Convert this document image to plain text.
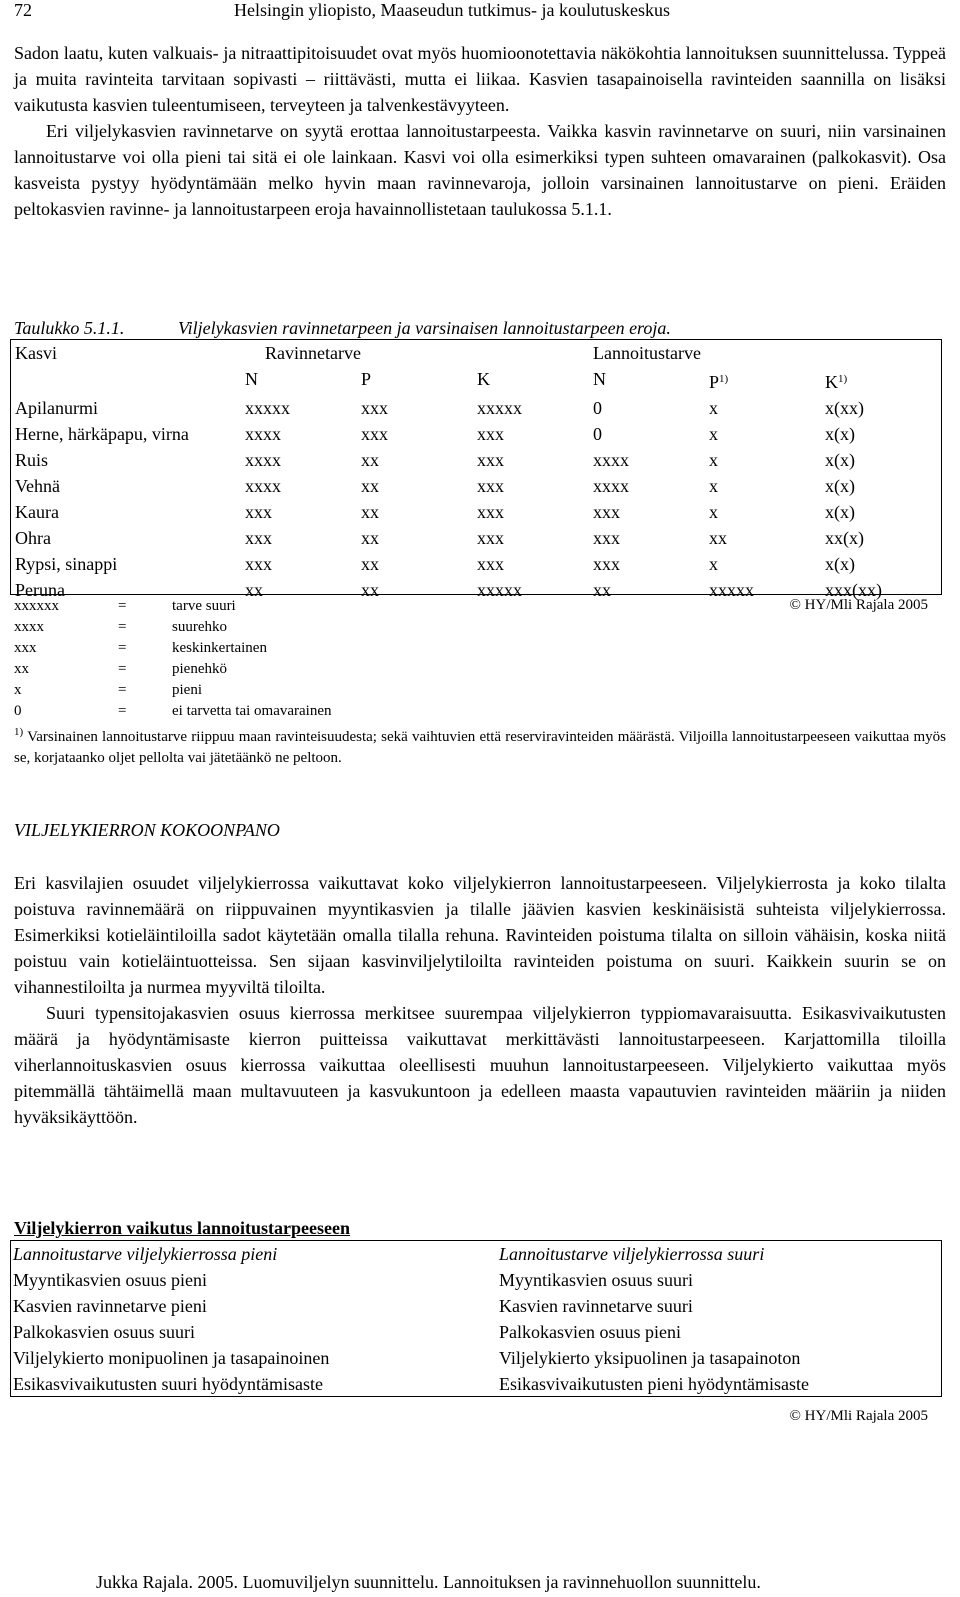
72	Helsingin yliopisto, Maaseudun tutkimus- ja koulutuskeskus

Sadon laatu, kuten valkuais- ja nitraattipitoisuudet ovat myös huomioonotettavia näkökohtia lannoituksen suunnittelussa. Typpeä ja muita ravinteita tarvitaan sopivasti – riittävästi, mutta ei liikaa. Kasvien tasapainoisella ravinteiden saannilla on lisäksi vaikutusta kasvien tuleentumiseen, terveyteen ja talvenkestävyyteen.

Eri viljelykasvien ravinnetarve on syytä erottaa lannoitustarpeesta. Vaikka kasvin ravinnetarve on suuri, niin varsinainen lannoitustarve voi olla pieni tai sitä ei ole lainkaan. Kasvi voi olla esimerkiksi typen suhteen omavarainen (palkokasvit). Osa kasveista pystyy hyödyntämään melko hyvin maan ravinnevaroja, jolloin varsinainen lannoitustarve on pieni. Eräiden peltokasvien ravinne- ja lannoitustarpeen eroja havainnollistetaan taulukossa 5.1.1.

Taulukko 5.1.1.	Viljelykasvien ravinnetarpeen ja varsinaisen lannoitustarpeen eroja.
Kasvi	Ravinnetarve			Lannoitustarve		
	N	P	K	N	$P^{1)}$	$K^{1)}$
Apilanurmi	xxxxx	xxx	xxxxx	0	x	x(xx)
Herne, härkäpapu, virna	xxxx	xxx	xxx	0	x	x(x)
Ruis	xxxx	xx	xxx	xxxx	x	x(x)
Vehnä	xxxx	xx	xxx	xxxx	x	x(x)
Kaura	xxx	xx	xxx	xxx	x	x(x)
Ohra	xxx	xx	xxx	xxx	xx	xx(x)
Rypsi, sinappi	xxx	xx	xxx	xxx	x	x(x)
Peruna	xx	xx	xxxxx	xx	xxxxx	xxx(xx)
© HY/Mli Rajala 2005
xxxxxx	=	tarve suuri
xxxx	=	suurehko
xxx	=	keskinkertainen
xx	=	pienehkö
x	=	pieni
0	=	ei tarvetta tai omavarainen
$^{1)}$ Varsinainen lannoitustarve riippuu maan ravinteisuudesta; sekä vaihtuvien että reserviravinteiden määrästä. Viljoilla lannoitustarpeeseen vaikuttaa myös se, korjataanko oljet pellolta vai jätetäänkö ne peltoon.
VILJELYKIERRON KOKOONPANO

Eri kasvilajien osuudet viljelykierrossa vaikuttavat koko viljelykierron lannoitustarpeeseen. Viljelykierrosta ja koko tilalta poistuva ravinnemäärä on riippuvainen myyntikasvien ja tilalle jäävien kasvien keskinäisistä suhteista viljelykierrossa. Esimerkiksi kotieläintiloilla sadot käytetään omalla tilalla rehuna. Ravinteiden poistuma tilalta on silloin vähäisin, koska niitä poistuu vain kotieläintuotteissa. Sen sijaan kasvinviljelytiloilta ravinteiden poistuma on suuri. Kaikkein suurin se on vihannestiloilta ja nurmea myyviltä tiloilta.

Suuri typensitojakasvien osuus kierrossa merkitsee suurempaa viljelykierron typpiomavaraisuutta. Esikasvivaikutusten määrä ja hyödyntämisaste kierron puitteissa vaikuttavat merkittävästi lannoitustarpeeseen. Karjattomilla tiloilla viherlannoituskasvien osuus kierrossa vaikuttaa oleellisesti muuhun lannoitustarpeeseen. Viljelykierto vaikuttaa myös pitemmällä tähtäimellä maan multavuuteen ja kasvukuntoon ja edelleen maasta vapautuvien ravinteiden määriin ja niiden hyväksikäyttöön.

Viljelykierron vaikutus lannoitustarpeeseen
Lannoitustarve viljelykierrossa pieni	Lannoitustarve viljelykierrossa suuri
Myyntikasvien osuus pieni	Myyntikasvien osuus suuri
Kasvien ravinnetarve pieni	Kasvien ravinnetarve suuri
Palkokasvien osuus suuri	Palkokasvien osuus pieni
Viljelykierto monipuolinen ja tasapainoinen	Viljelykierto yksipuolinen ja tasapainoton
Esikasvivaikutusten suuri hyödyntämisaste	Esikasvivaikutusten pieni hyödyntämisaste
© HY/Mli Rajala 2005
Jukka Rajala. 2005. Luomuviljelyn suunnittelu. Lannoituksen ja ravinnehuollon suunnittelu.
